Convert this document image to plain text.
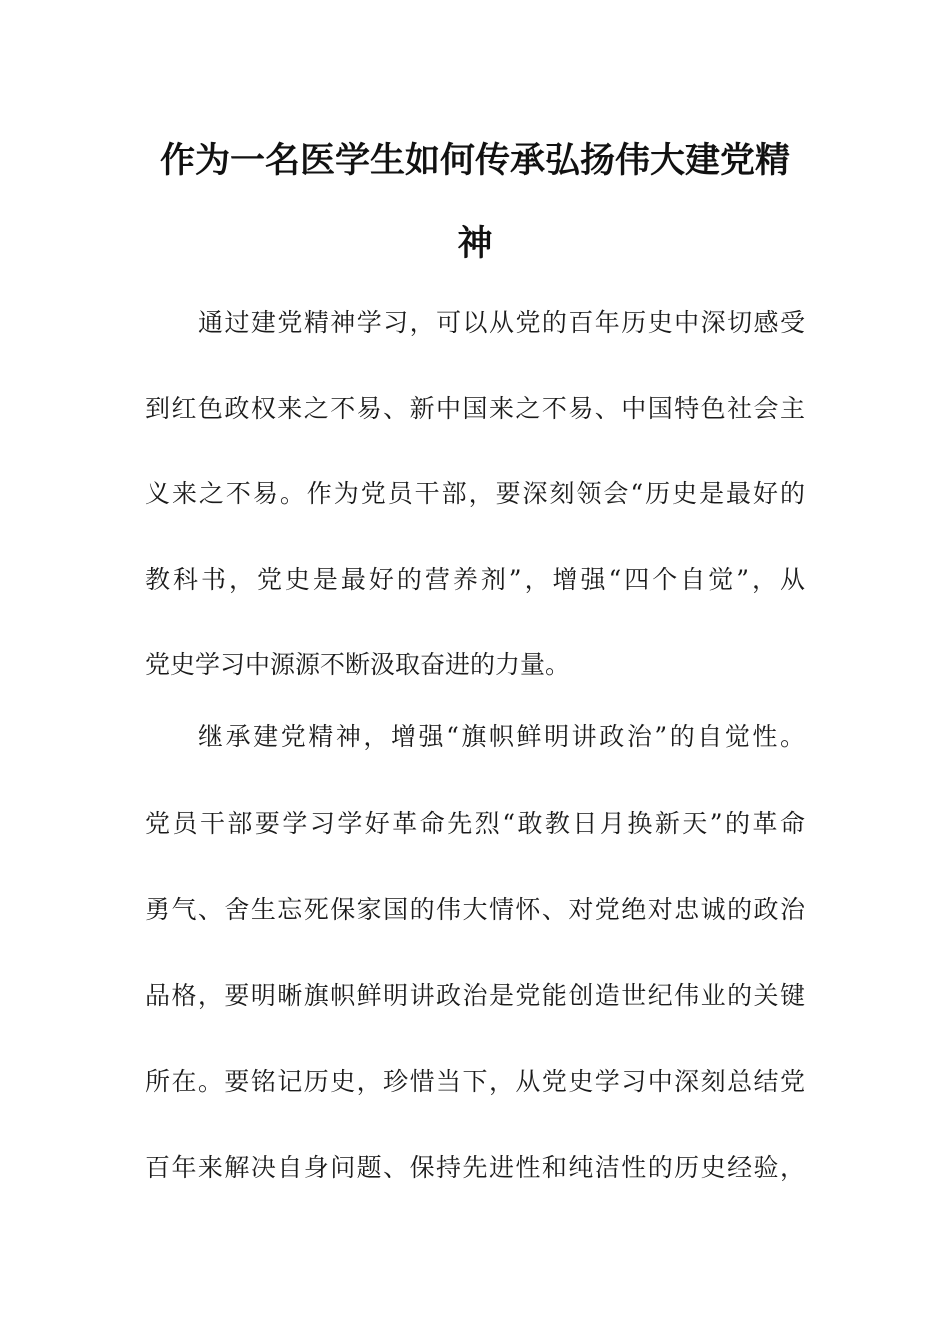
作为一名医学生如何传承弘扬伟大建党精
神
通过建党精神学习，可以从党的百年历史中深切感受
到红色政权来之不易、新中国来之不易、中国特色社会主
义来之不易。作为党员干部，要深刻领会“历史是最好的
教科书，党史是最好的营养剂”，增强“四个自觉”，从
党史学习中源源不断汲取奋进的力量。
继承建党精神，增强“旗帜鲜明讲政治”的自觉性。
党员干部要学习学好革命先烈“敢教日月换新天”的革命
勇气、舍生忘死保家国的伟大情怀、对党绝对忠诚的政治
品格，要明晰旗帜鲜明讲政治是党能创造世纪伟业的关键
所在。要铭记历史，珍惜当下，从党史学习中深刻总结党
百年来解决自身问题、保持先进性和纯洁性的历史经验，
